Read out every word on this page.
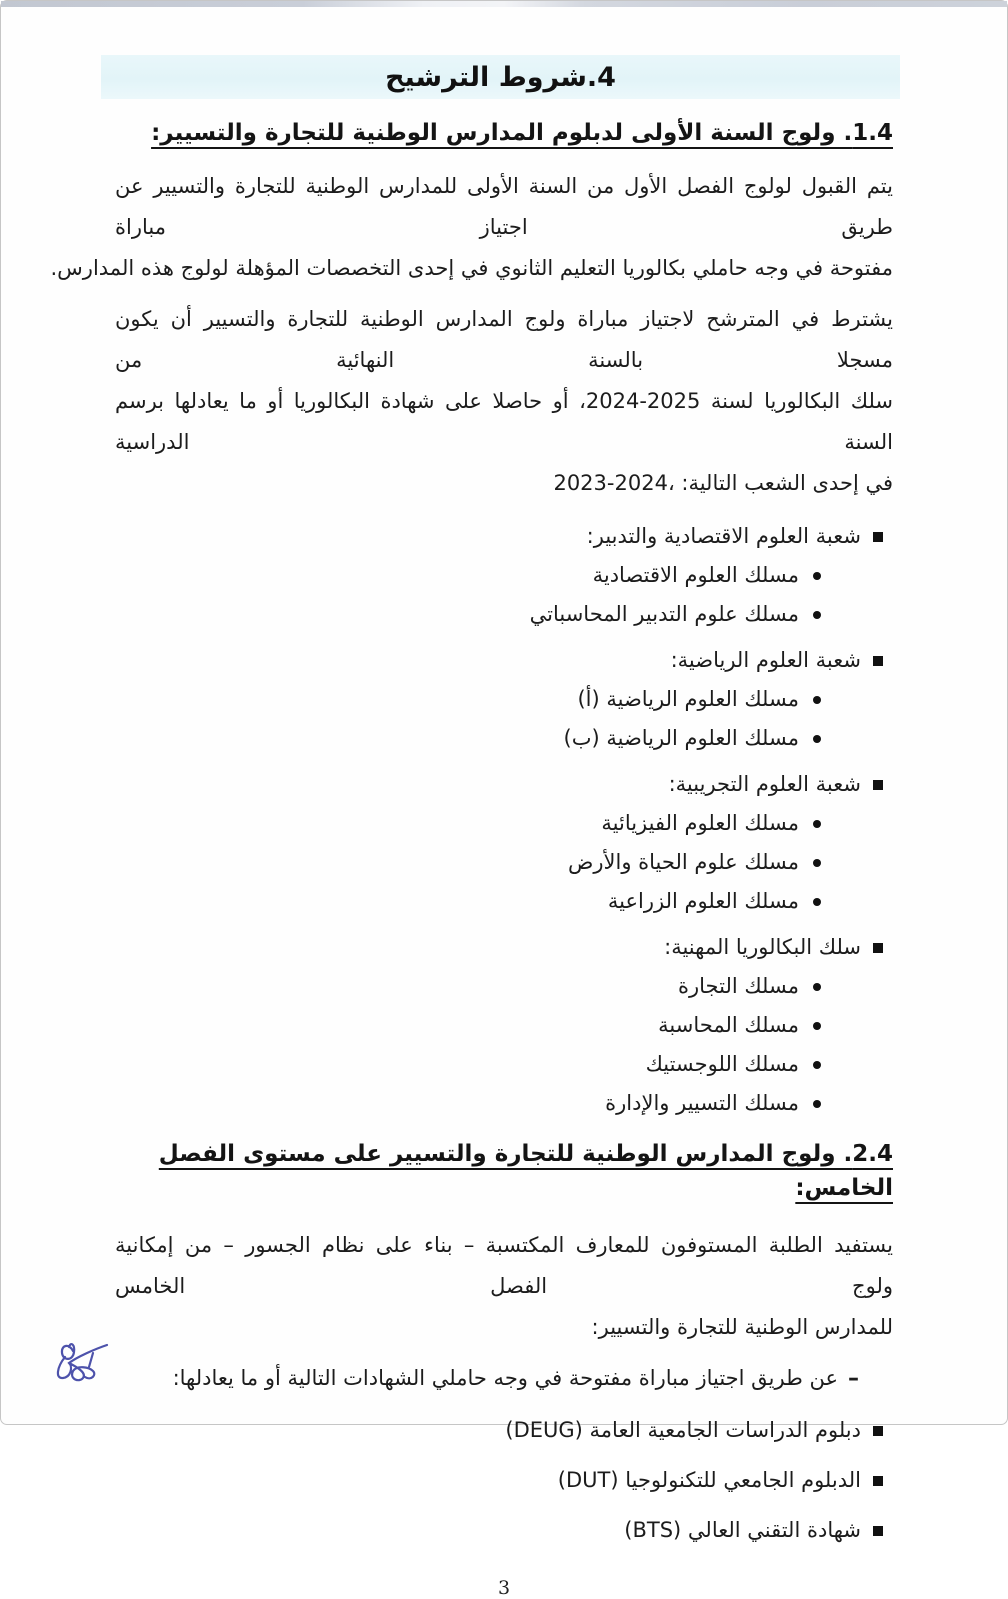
4.شروط الترشيح
1.4. ولوج السنة الأولى لدبلوم المدارس الوطنية للتجارة والتسيير:
يتم القبول لولوج الفصل الأول من السنة الأولى للمدارس الوطنية للتجارة والتسيير عن طريق اجتياز مباراة
مفتوحة في وجه حاملي بكالوريا التعليم الثانوي في إحدى التخصصات المؤهلة لولوج هذه المدارس.
يشترط في المترشح لاجتياز مباراة ولوج المدارس الوطنية للتجارة والتسيير أن يكون مسجلا بالسنة النهائية من
سلك البكالوريا لسنة 2025-2024، أو حاصلا على شهادة البكالوريا أو ما يعادلها برسم السنة الدراسية
في إحدى الشعب التالية: ،2024-2023
شعبة العلوم الاقتصادية والتدبير:
مسلك العلوم الاقتصادية
مسلك علوم التدبير المحاسباتي
شعبة العلوم الرياضية:
مسلك العلوم الرياضية (أ)
مسلك العلوم الرياضية (ب)
شعبة العلوم التجريبية:
مسلك العلوم الفيزيائية
مسلك علوم الحياة والأرض
مسلك العلوم الزراعية
سلك البكالوريا المهنية:
مسلك التجارة
مسلك المحاسبة
مسلك اللوجستيك
مسلك التسيير والإدارة
2.4. ولوج المدارس الوطنية للتجارة والتسيير على مستوى الفصل الخامس:
يستفيد الطلبة المستوفون للمعارف المكتسبة – بناء على نظام الجسور – من إمكانية ولوج الفصل الخامس
للمدارس الوطنية للتجارة والتسيير:
–
عن طريق اجتياز مباراة مفتوحة في وجه حاملي الشهادات التالية أو ما يعادلها:
دبلوم الدراسات الجامعية العامة (DEUG)
الدبلوم الجامعي للتكنولوجيا (DUT)
شهادة التقني العالي (BTS)
3
